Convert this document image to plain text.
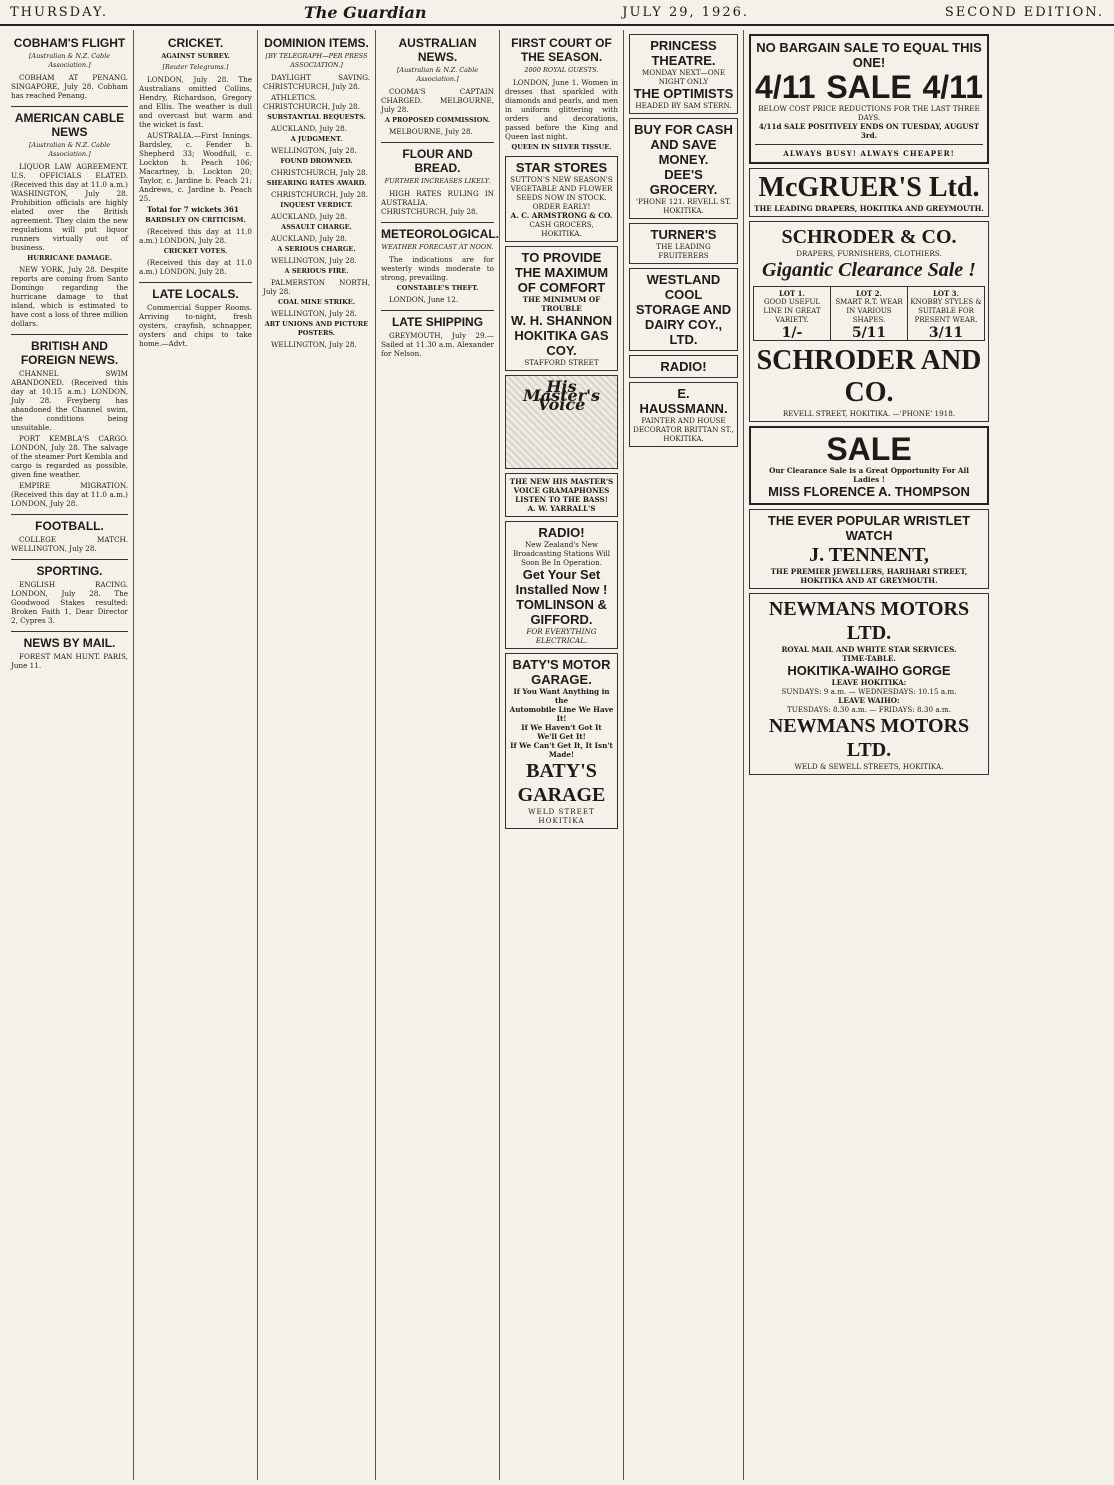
THURSDAY.	The Guardian	JULY 29, 1926.	SECOND EDITION.
COBHAM'S FLIGHT
[Australian & N.Z. Cable Association.]

COBHAM AT PENANG. SINGAPORE, July 28. Cobham has reached Penang.

AMERICAN CABLE NEWS
[Australian & N.Z. Cable Association.]

LIQUOR LAW AGREEMENT. U.S. OFFICIALS ELATED. (Received this day at 11.0 a.m.) WASHINGTON, July 28. Prohibition officials are highly elated over the British agreement. They claim the new regulations will put liquor runners virtually out of business.

HURRICANE DAMAGE.

NEW YORK, July 28. Despite reports are coming from Santo Domingo regarding the hurricane damage to that island, which is estimated to have cost a loss of three million dollars.

BRITISH AND FOREIGN NEWS.

CHANNEL SWIM ABANDONED. (Received this day at 10.15 a.m.) LONDON, July 28. Freyberg has abandoned the Channel swim, the conditions being unsuitable.

PORT KEMBLA'S CARGO. LONDON, July 28. The salvage of the steamer Port Kembla and cargo is regarded as possible, given fine weather.

EMPIRE MIGRATION. (Received this day at 11.0 a.m.) LONDON, July 28.

FOOTBALL.

COLLEGE MATCH. WELLINGTON, July 28.

SPORTING.

ENGLISH RACING. LONDON, July 28. The Goodwood Stakes resulted: Broken Faith 1, Dear Director 2, Cypres 3.

NEWS BY MAIL.

FOREST MAN HUNT. PARIS, June 11.

CRICKET.
AGAINST SURREY.
[Reuter Telegrams.]

LONDON, July 28. The Australians omitted Collins, Hendry, Richardson, Gregory and Ellis. The weather is dull and overcast but warm and the wicket is fast.

AUSTRALIA.—First Innings. Bardsley, c. Fender b. Shepherd 33; Woodfull, c. Lockton b. Peach 106; Macartney, b. Lockton 20; Taylor, c. Jardine b. Peach 21; Andrews, c. Jardine b. Peach 25.

Total for 7 wickets 361

BARDSLEY ON CRITICISM.

(Received this day at 11.0 a.m.) LONDON, July 28.

CRICKET VOTES.

(Received this day at 11.0 a.m.) LONDON, July 28.

LATE LOCALS.

Commercial Supper Rooms. Arriving to-night, fresh oysters, crayfish, schnapper, oysters and chips to take home.—Advt.

DOMINION ITEMS.
[BY TELEGRAPH—PER PRESS ASSOCIATION.]

DAYLIGHT SAVING. CHRISTCHURCH, July 28.

ATHLETICS. CHRISTCHURCH, July 28.

SUBSTANTIAL BEQUESTS.

AUCKLAND, July 28.

A JUDGMENT.

WELLINGTON, July 28.

FOUND DROWNED.

CHRISTCHURCH, July 28.

SHEARING RATES AWARD.

CHRISTCHURCH, July 28.

INQUEST VERDICT.

AUCKLAND, July 28.

ASSAULT CHARGE.

AUCKLAND, July 28.

A SERIOUS CHARGE.

WELLINGTON, July 28.

A SERIOUS FIRE.

PALMERSTON NORTH, July 28.

COAL MINE STRIKE.

WELLINGTON, July 28.

ART UNIONS AND PICTURE POSTERS.

WELLINGTON, July 28.

AUSTRALIAN NEWS.
[Australian & N.Z. Cable Association.]

COOMA'S CAPTAIN CHARGED. MELBOURNE, July 28.

A PROPOSED COMMISSION.

MELBOURNE, July 28.

FLOUR AND BREAD.
FURTHER INCREASES LIKELY.

HIGH RATES RULING IN AUSTRALIA. CHRISTCHURCH, July 28.

METEOROLOGICAL.
WEATHER FORECAST AT NOON.

The indications are for westerly winds moderate to strong, prevailing.

CONSTABLE'S THEFT.

LONDON, June 12.

LATE SHIPPING

GREYMOUTH, July 29.—Sailed at 11.30 a.m. Alexander for Nelson.

FIRST COURT OF THE SEASON.
2000 ROYAL GUESTS.

LONDON, June 1. Women in dresses that sparkled with diamonds and pearls, and men in uniform glittering with orders and decorations, passed before the King and Queen last night.

QUEEN IN SILVER TISSUE.
STAR STORES
SUTTON'S NEW SEASON'S VEGETABLE AND FLOWER SEEDS NOW IN STOCK. ORDER EARLY!
A. C. ARMSTRONG & CO.
CASH GROCERS, HOKITIKA.
TO PROVIDE THE MAXIMUM OF COMFORT
THE MINIMUM OF TROUBLE
W. H. SHANNON
HOKITIKA GAS COY.
STAFFORD STREET
His Master's Voice
THE NEW HIS MASTER'S VOICE GRAMAPHONES
LISTEN TO THE BASS!
A. W. YARRALL'S
RADIO!
New Zealand's New Broadcasting Stations Will Soon Be In Operation.
Get Your Set Installed Now !
TOMLINSON & GIFFORD.
FOR EVERYTHING ELECTRICAL.
BATY'S MOTOR GARAGE.
If You Want Anything in the
Automobile Line We Have It!
If We Haven't Got It
We'll Get It!
If We Can't Get It, It Isn't Made!
BATY'S GARAGE
WELD STREET HOKITIKA
PRINCESS THEATRE.
MONDAY NEXT—ONE NIGHT ONLY
THE OPTIMISTS
HEADED BY SAM STERN.
BUY FOR CASH AND SAVE MONEY.
DEE'S GROCERY.
'PHONE 121. REVELL ST. HOKITIKA.
TURNER'S
THE LEADING FRUITERERS
WESTLAND COOL STORAGE AND DAIRY COY., LTD.
RADIO!
E. HAUSSMANN.
PAINTER AND HOUSE DECORATOR BRITTAN ST., HOKITIKA.
NO BARGAIN SALE TO EQUAL THIS ONE!
4/11 SALE 4/11
BELOW COST PRICE REDUCTIONS FOR THE LAST THREE DAYS.
4/11d SALE POSITIVELY ENDS ON TUESDAY, AUGUST 3rd.
ALWAYS BUSY! ALWAYS CHEAPER!
McGRUER'S Ltd.
THE LEADING DRAPERS, HOKITIKA AND GREYMOUTH.
SCHRODER & CO.
DRAPERS, FURNISHERS, CLOTHIERS.
Gigantic Clearance Sale !
LOT 1.
GOOD USEFUL LINE IN GREAT VARIETY.
1/-
LOT 2.
SMART R.T. WEAR IN VARIOUS SHAPES.
5/11
LOT 3.
KNOBBY STYLES & SUITABLE FOR PRESENT WEAR.
3/11
SCHRODER AND CO.
REVELL STREET, HOKITIKA. —'PHONE' 1918.
SALE
Our Clearance Sale is a Great Opportunity For All Ladies !
MISS FLORENCE A. THOMPSON
THE EVER POPULAR WRISTLET WATCH
J. TENNENT,
THE PREMIER JEWELLERS, HARIHARI STREET, HOKITIKA AND AT GREYMOUTH.
NEWMANS MOTORS LTD.
ROYAL MAIL AND WHITE STAR SERVICES.
TIME-TABLE.
HOKITIKA-WAIHO GORGE
LEAVE HOKITIKA:
SUNDAYS: 9 a.m. — WEDNESDAYS: 10.15 a.m.
LEAVE WAIHO:
TUESDAYS: 8.30 a.m. — FRIDAYS: 8.30 a.m.
NEWMANS MOTORS LTD.
WELD & SEWELL STREETS, HOKITIKA.
